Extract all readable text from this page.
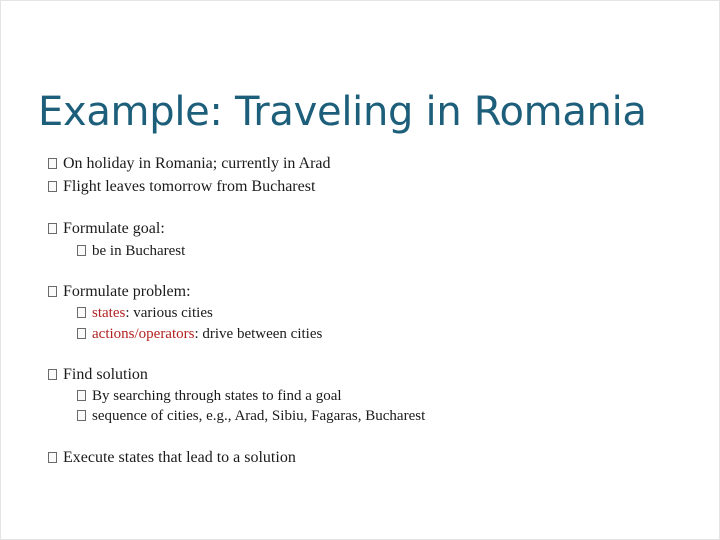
Example: Traveling in Romania
On holiday in Romania; currently in Arad
Flight leaves tomorrow from Bucharest
Formulate goal:
be in Bucharest
Formulate problem:
states: various cities
actions/operators: drive between cities
Find solution
By searching through states to find a goal
sequence of cities, e.g., Arad, Sibiu, Fagaras, Bucharest
Execute states that lead to a solution
